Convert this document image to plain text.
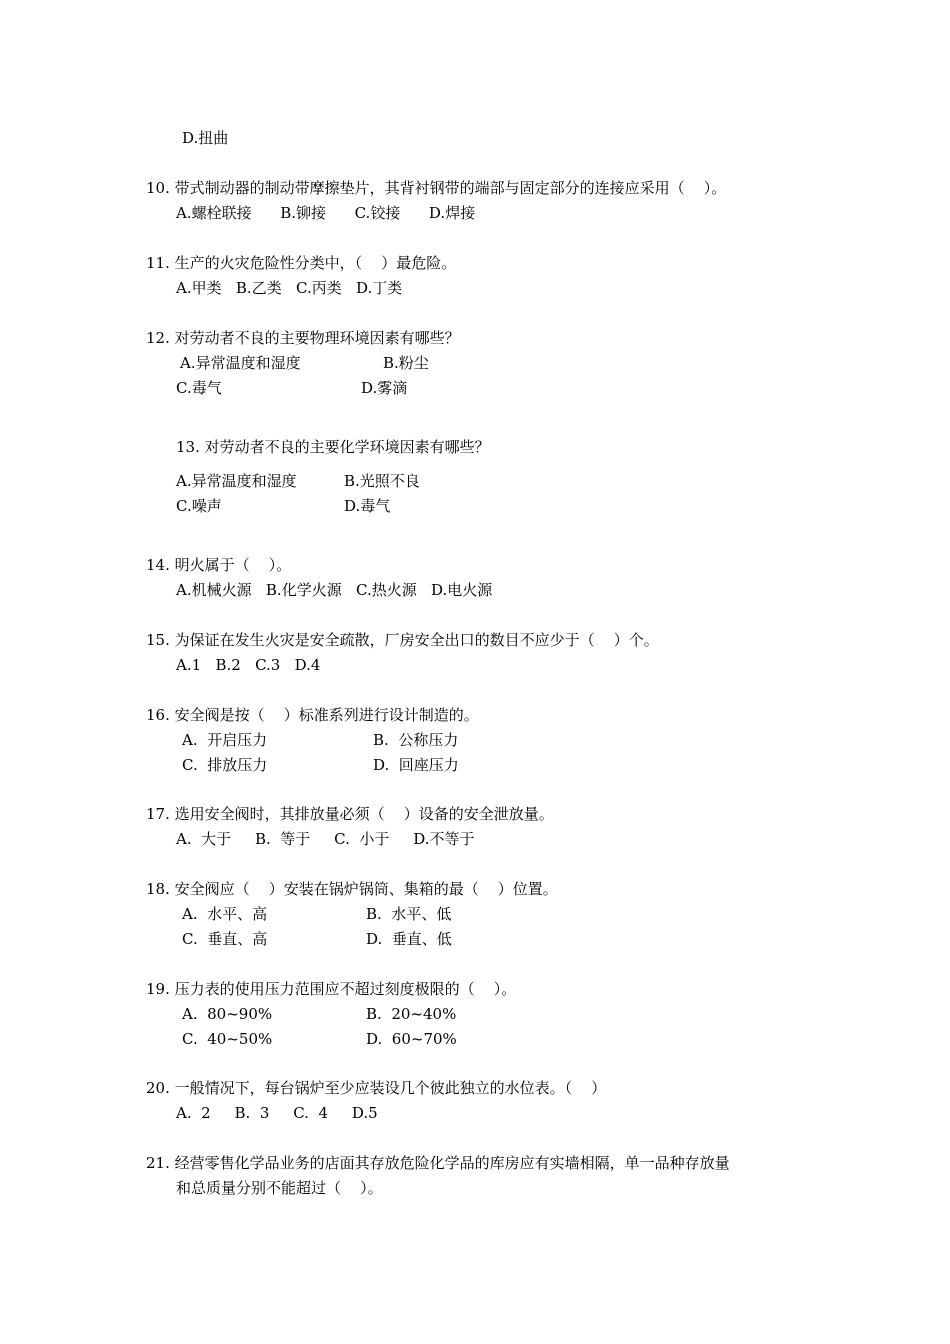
D.扭曲
10. 带式制动器的制动带摩擦垫片，其背衬钢带的端部与固定部分的连接应采用（    ）。
A.螺栓联接      B.铆接      C.铰接      D.焊接
11. 生产的火灾危险性分类中，（    ）最危险。
A.甲类   B.乙类   C.丙类   D.丁类
12. 对劳动者不良的主要物理环境因素有哪些？
A.异常温度和湿度	B.粉尘
C.毒气	D.雾滴
13. 对劳动者不良的主要化学环境因素有哪些？
A.异常温度和湿度	B.光照不良
C.噪声	D.毒气
14. 明火属于（    ）。
A.机械火源   B.化学火源   C.热火源   D.电火源
15. 为保证在发生火灾是安全疏散，厂房安全出口的数目不应少于（    ）个。
A.1   B.2   C.3   D.4
16. 安全阀是按（    ）标准系列进行设计制造的。
A.  开启压力	B.  公称压力
C.  排放压力	D.  回座压力
17. 选用安全阀时，其排放量必须（    ）设备的安全泄放量。
A.  大于     B.  等于     C.  小于     D.不等于
18. 安全阀应（    ）安装在锅炉锅筒、集箱的最（    ）位置。
A.  水平、高	B.  水平、低
C.  垂直、高	D.  垂直、低
19. 压力表的使用压力范围应不超过刻度极限的（    ）。
A.  80~90%	B.  20~40%
C.  40~50%	D.  60~70%
20. 一般情况下，每台锅炉至少应装设几个彼此独立的水位表。（    ）
A.  2     B.  3     C.  4     D.5
21. 经营零售化学品业务的店面其存放危险化学品的库房应有实墙相隔，单一品种存放量
和总质量分别不能超过（    ）。
